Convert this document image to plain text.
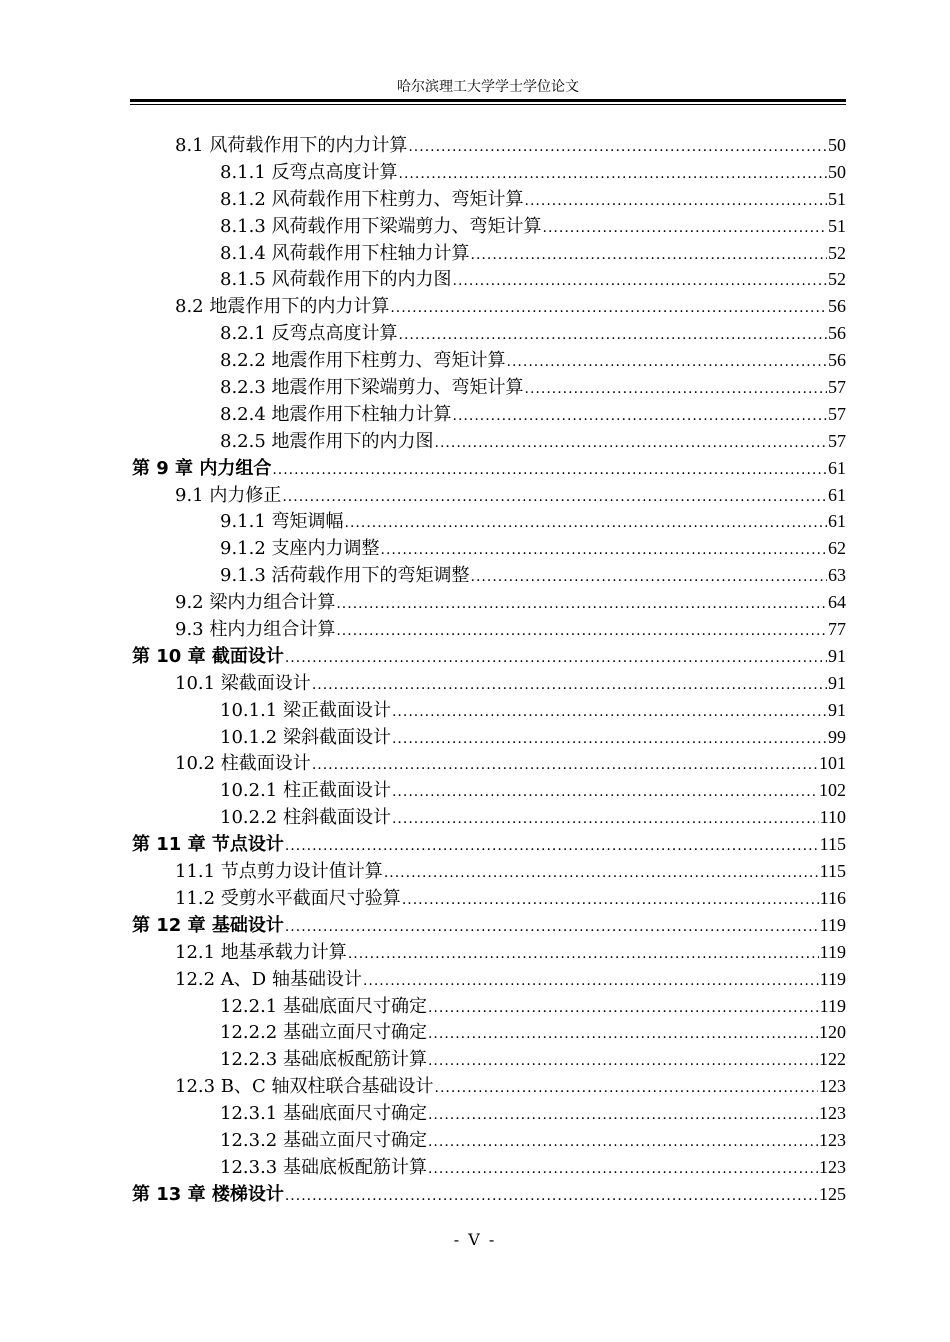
哈尔滨理工大学学士学位论文
8.1 风荷载作用下的内力计算 .....	50
8.1.1 反弯点高度计算 .....	50
8.1.2 风荷载作用下柱剪力、弯矩计算 .....	51
8.1.3 风荷载作用下梁端剪力、弯矩计算 .....	51
8.1.4 风荷载作用下柱轴力计算 .....	52
8.1.5 风荷载作用下的内力图 .....	52
8.2 地震作用下的内力计算 .....	56
8.2.1 反弯点高度计算 .....	56
8.2.2 地震作用下柱剪力、弯矩计算 .....	56
8.2.3 地震作用下梁端剪力、弯矩计算 .....	57
8.2.4 地震作用下柱轴力计算 .....	57
8.2.5 地震作用下的内力图 .....	57
第 9 章 内力组合 .....	61
9.1 内力修正 .....	61
9.1.1 弯矩调幅 .....	61
9.1.2 支座内力调整 .....	62
9.1.3 活荷载作用下的弯矩调整 .....	63
9.2 梁内力组合计算 .....	64
9.3 柱内力组合计算 .....	77
第 10 章 截面设计 .....	91
10.1 梁截面设计 .....	91
10.1.1 梁正截面设计 .....	91
10.1.2 梁斜截面设计 .....	99
10.2 柱截面设计 .....	101
10.2.1 柱正截面设计 .....	102
10.2.2 柱斜截面设计 .....	110
第 11 章 节点设计 .....	115
11.1 节点剪力设计值计算 .....	115
11.2 受剪水平截面尺寸验算 .....	116
第 12 章 基础设计 .....	119
12.1 地基承载力计算 .....	119
12.2 A、D 轴基础设计 .....	119
12.2.1 基础底面尺寸确定 .....	119
12.2.2 基础立面尺寸确定 .....	120
12.2.3 基础底板配筋计算 .....	122
12.3 B、C 轴双柱联合基础设计 .....	123
12.3.1 基础底面尺寸确定 .....	123
12.3.2 基础立面尺寸确定 .....	123
12.3.3 基础底板配筋计算 .....	123
第 13 章 楼梯设计 .....	125
- V -
